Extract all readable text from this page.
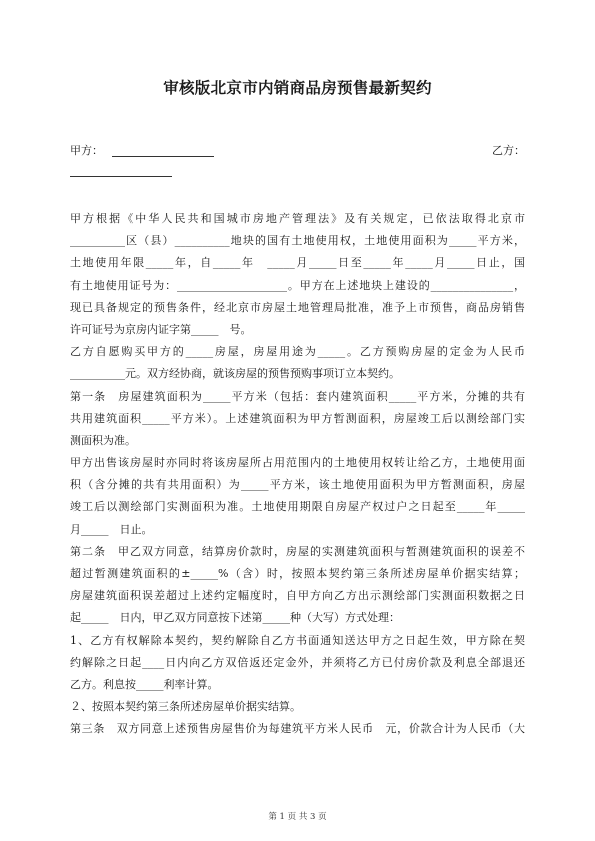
审核版北京市内销商品房预售最新契约
甲方：	乙方：
甲方根据《中华人民共和国城市房地产管理法》及有关规定，已依法取得北京市
__________区（县）__________地块的国有土地使用权，土地使用面积为_____平方米，
土地使用年限_____年，自_____年　_____月_____日至_____年_____月_____日止，国
有土地使用证号为：____________________。甲方在上述地块上建设的_______________，
现已具备规定的预售条件，经北京市房屋土地管理局批准，准予上市预售，商品房销售
许可证号为京房内证字第_____　号。
乙方自愿购买甲方的_____房屋，房屋用途为_____。乙方预购房屋的定金为人民币
__________元。双方经协商，就该房屋的预售预购事项订立本契约。
第一条　房屋建筑面积为_____平方米（包括：套内建筑面积_____平方米，分摊的共有
共用建筑面积_____平方米）。上述建筑面积为甲方暂测面积，房屋竣工后以测绘部门实
测面积为准。
甲方出售该房屋时亦同时将该房屋所占用范围内的土地使用权转让给乙方，土地使用面
积（含分摊的共有共用面积）为_____平方米，该土地使用面积为甲方暂测面积，房屋
竣工后以测绘部门实测面积为准。土地使用期限自房屋产权过户之日起至_____年_____
月_____　日止。
第二条　甲乙双方同意，结算房价款时，房屋的实测建筑面积与暂测建筑面积的误差不
超过暂测建筑面积的±_____%（含）时，按照本契约第三条所述房屋单价据实结算；
房屋建筑面积误差超过上述约定幅度时，自甲方向乙方出示测绘部门实测面积数据之日
起_____　日内，甲乙双方同意按下述第_____种（大写）方式处理：
1、乙方有权解除本契约，契约解除自乙方书面通知送达甲方之日起生效，甲方除在契
约解除之日起____日内向乙方双倍返还定金外，并须将乙方已付房价款及利息全部退还
乙方。利息按_____利率计算。
２、按照本契约第三条所述房屋单价据实结算。
第三条　双方同意上述预售房屋售价为每建筑平方米人民币　元，价款合计为人民币（大
第 1 页 共 3 页
